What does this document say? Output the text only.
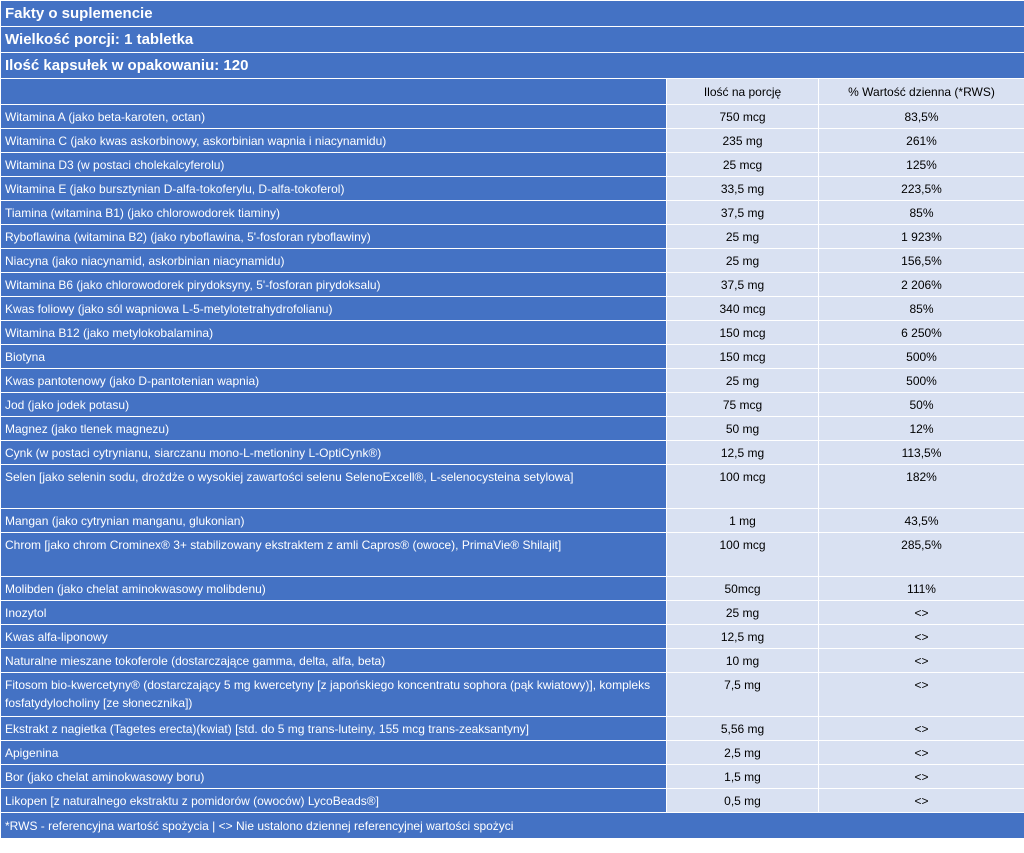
Fakty o suplemencie		
Wielkość porcji: 1 tabletka		
Ilość kapsułek w opakowaniu: 120		
	Ilość na porcję	% Wartość dzienna (*RWS)
Witamina A (jako beta-karoten, octan)	750 mcg	83,5%
Witamina C (jako kwas askorbinowy, askorbinian wapnia i niacynamidu)	235 mg	261%
Witamina D3 (w postaci cholekalcyferolu)	25 mcg	125%
Witamina E (jako bursztynian D-alfa-tokoferylu, D-alfa-tokoferol)	33,5 mg	223,5%
Tiamina (witamina B1) (jako chlorowodorek tiaminy)	37,5 mg	85%
Ryboflawina (witamina B2) (jako ryboflawina, 5'-fosforan ryboflawiny)	25 mg	1 923%
Niacyna (jako niacynamid, askorbinian niacynamidu)	25 mg	156,5%
Witamina B6 (jako chlorowodorek pirydoksyny, 5'-fosforan pirydoksalu)	37,5 mg	2 206%
Kwas foliowy (jako sól wapniowa L-5-metylotetrahydrofolianu)	340 mcg	85%
Witamina B12 (jako metylokobalamina)	150 mcg	6 250%
Biotyna	150 mcg	500%
Kwas pantotenowy (jako D-pantotenian wapnia)	25 mg	500%
Jod (jako jodek potasu)	75 mcg	50%
Magnez (jako tlenek magnezu)	50 mg	12%
Cynk (w postaci cytrynianu, siarczanu mono-L-metioniny L-OptiCynk®)	12,5 mg	113,5%
Selen [jako selenin sodu, drożdże o wysokiej zawartości selenu SelenoExcell®, L-selenocysteina setylowa]	100 mcg	182%
Mangan (jako cytrynian manganu, glukonian)	1 mg	43,5%
Chrom [jako chrom Crominex® 3+ stabilizowany ekstraktem z amli Capros® (owoce), PrimaVie® Shilajit]	100 mcg	285,5%
Molibden (jako chelat aminokwasowy molibdenu)	50mcg	111%
Inozytol	25 mg	<>
Kwas alfa-liponowy	12,5 mg	<>
Naturalne mieszane tokoferole (dostarczające gamma, delta, alfa, beta)	10 mg	<>
Fitosom bio-kwercetyny® (dostarczający 5 mg kwercetyny [z japońskiego koncentratu sophora (pąk kwiatowy)], kompleks fosfatydylocholiny [ze słonecznika])	7,5 mg	<>
Ekstrakt z nagietka (Tagetes erecta)(kwiat) [std. do 5 mg trans-luteiny, 155 mcg trans-zeaksantyny]	5,56 mg	<>
Apigenina	2,5 mg	<>
Bor (jako chelat aminokwasowy boru)	1,5 mg	<>
Likopen [z naturalnego ekstraktu z pomidorów (owoców) LycoBeads®]	0,5 mg	<>
*RWS - referencyjna wartość spożycia | <> Nie ustalono dziennej referencyjnej wartości spożyci		
